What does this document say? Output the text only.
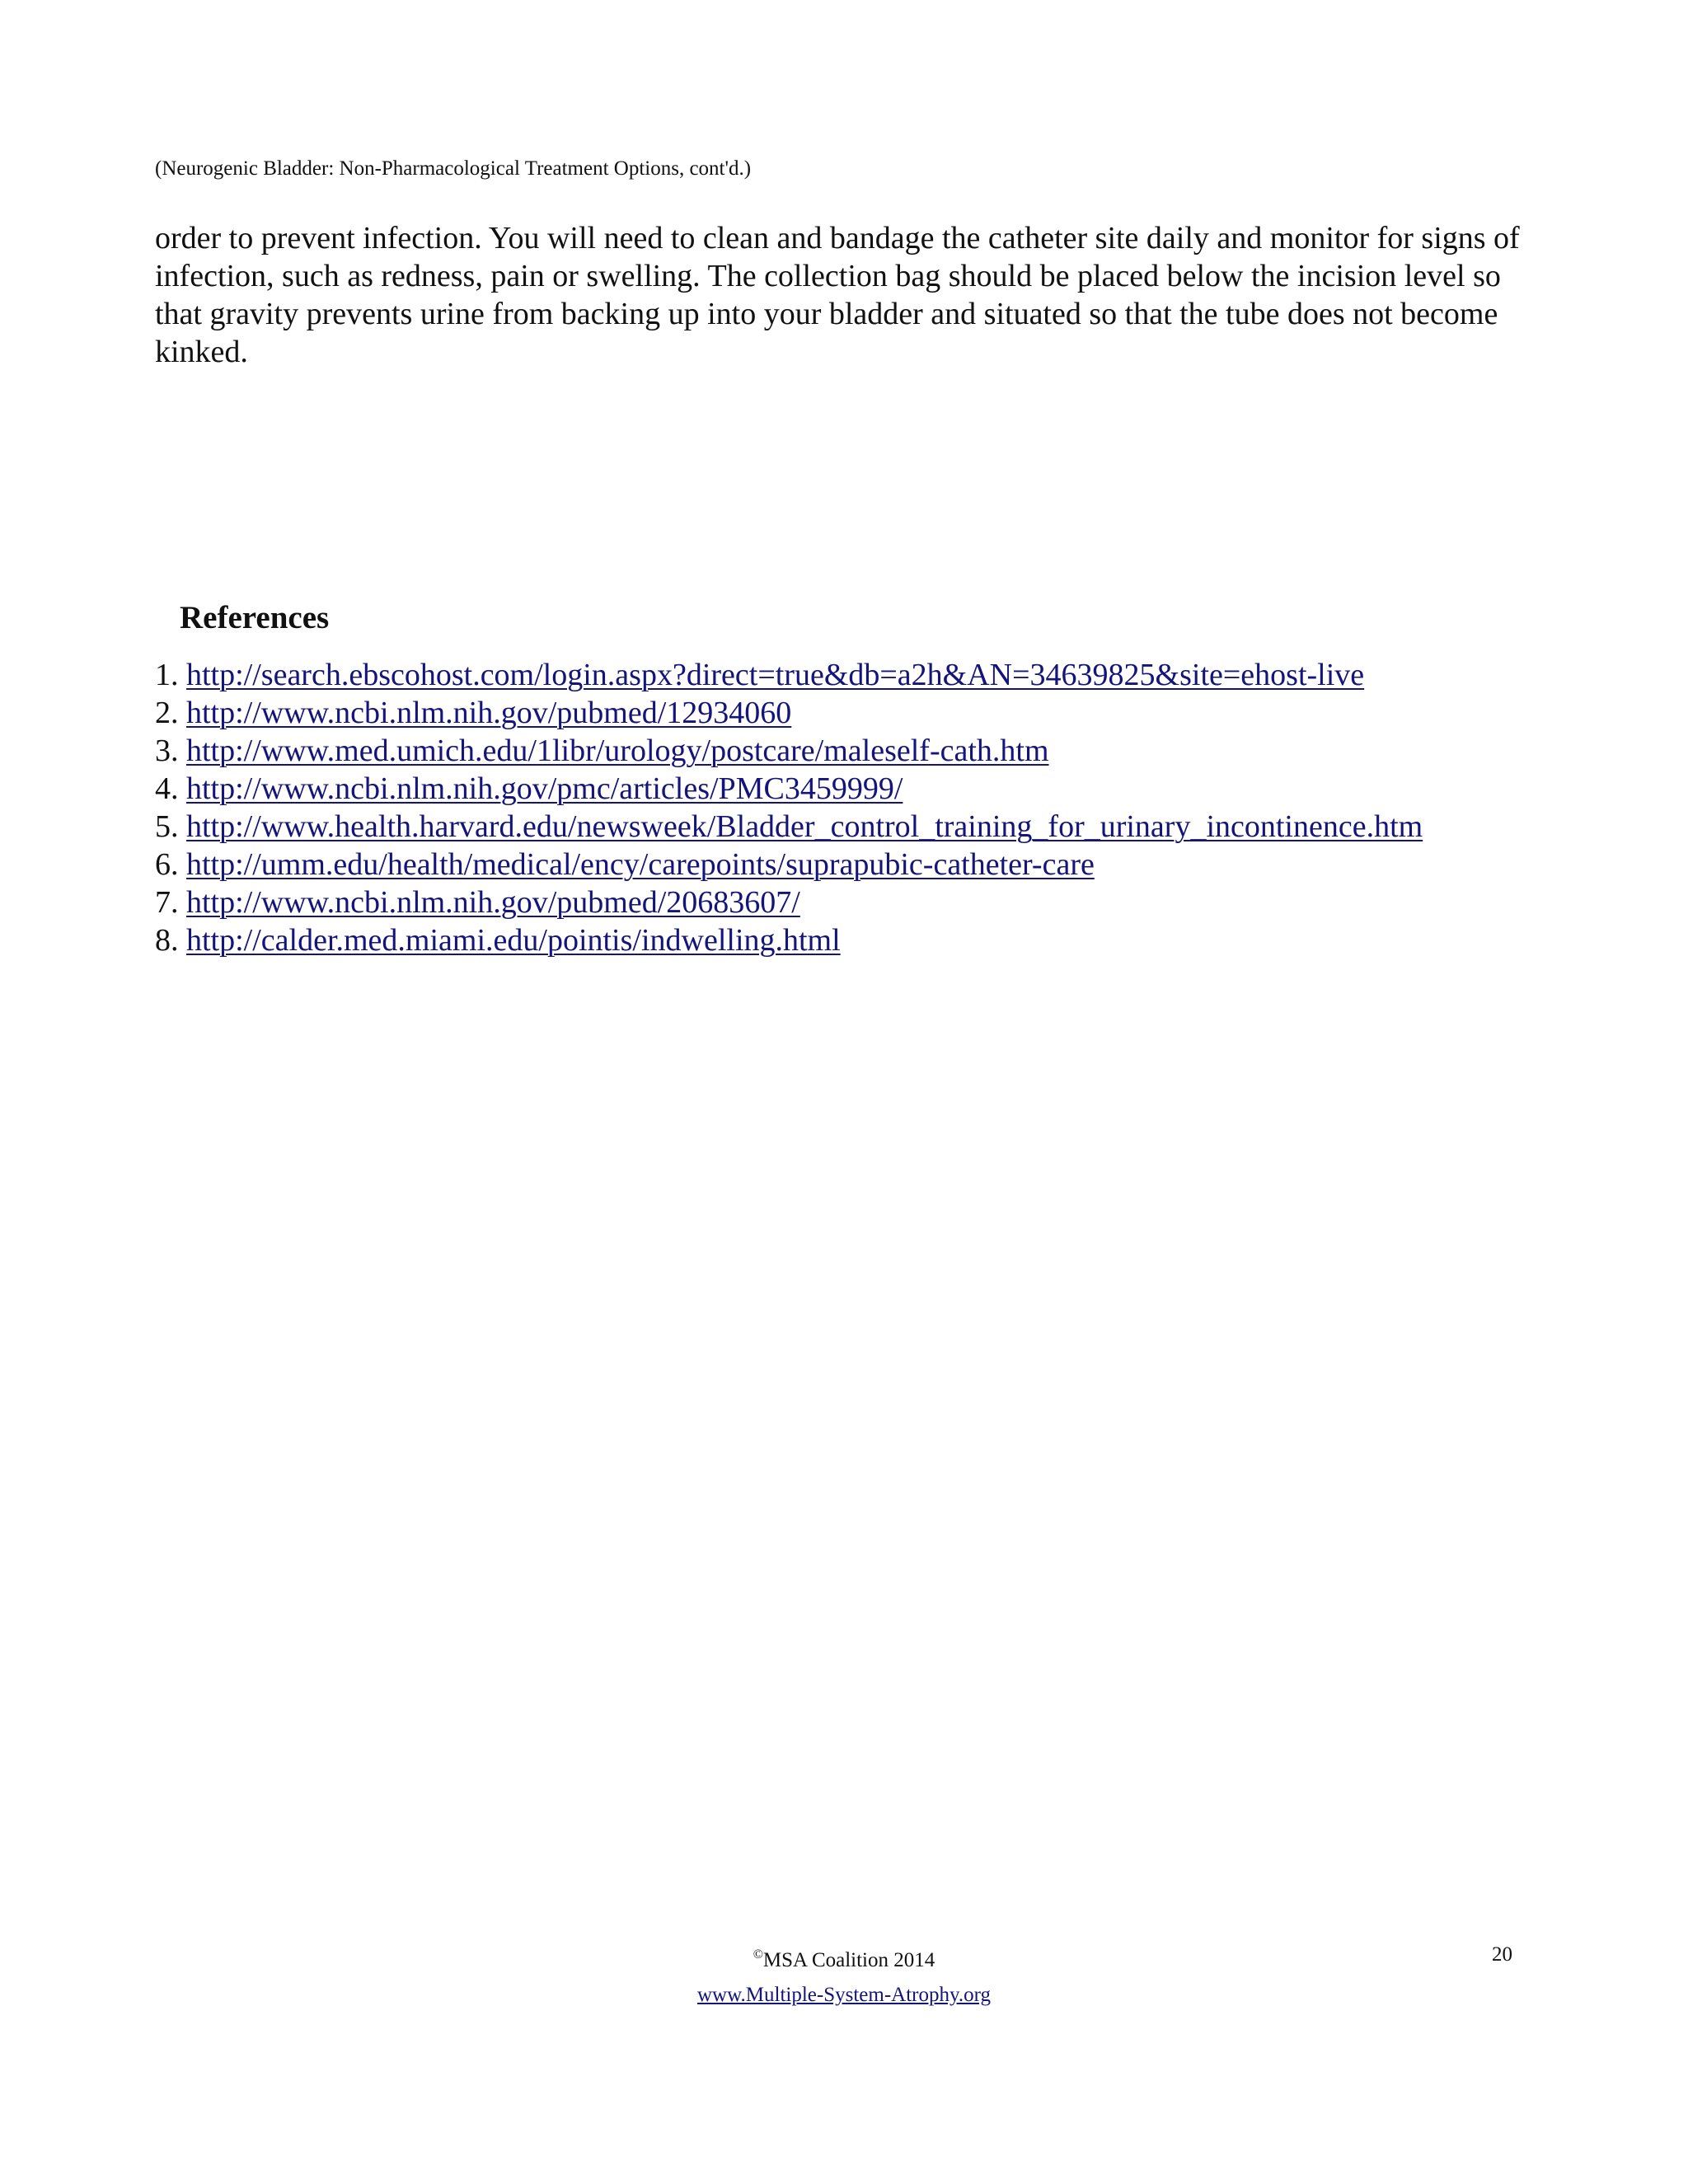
(Neurogenic Bladder: Non-Pharmacological Treatment Options, cont'd.)

order to prevent infection. You will need to clean and bandage the catheter site daily and monitor for signs of infection, such as redness, pain or swelling. The collection bag should be placed below the incision level so that gravity prevents urine from backing up into your bladder and situated so that the tube does not become kinked.

References
1. http://search.ebscohost.com/login.aspx?direct=true&db=a2h&AN=34639825&site=ehost-live
2. http://www.ncbi.nlm.nih.gov/pubmed/12934060
3. http://www.med.umich.edu/1libr/urology/postcare/maleself-cath.htm
4. http://www.ncbi.nlm.nih.gov/pmc/articles/PMC3459999/
5. http://www.health.harvard.edu/newsweek/Bladder_control_training_for_urinary_incontinence.htm
6. http://umm.edu/health/medical/ency/carepoints/suprapubic-catheter-care
7. http://www.ncbi.nlm.nih.gov/pubmed/20683607/
8. http://calder.med.miami.edu/pointis/indwelling.html
©MSA Coalition 2014	20
www.Multiple-System-Atrophy.org
